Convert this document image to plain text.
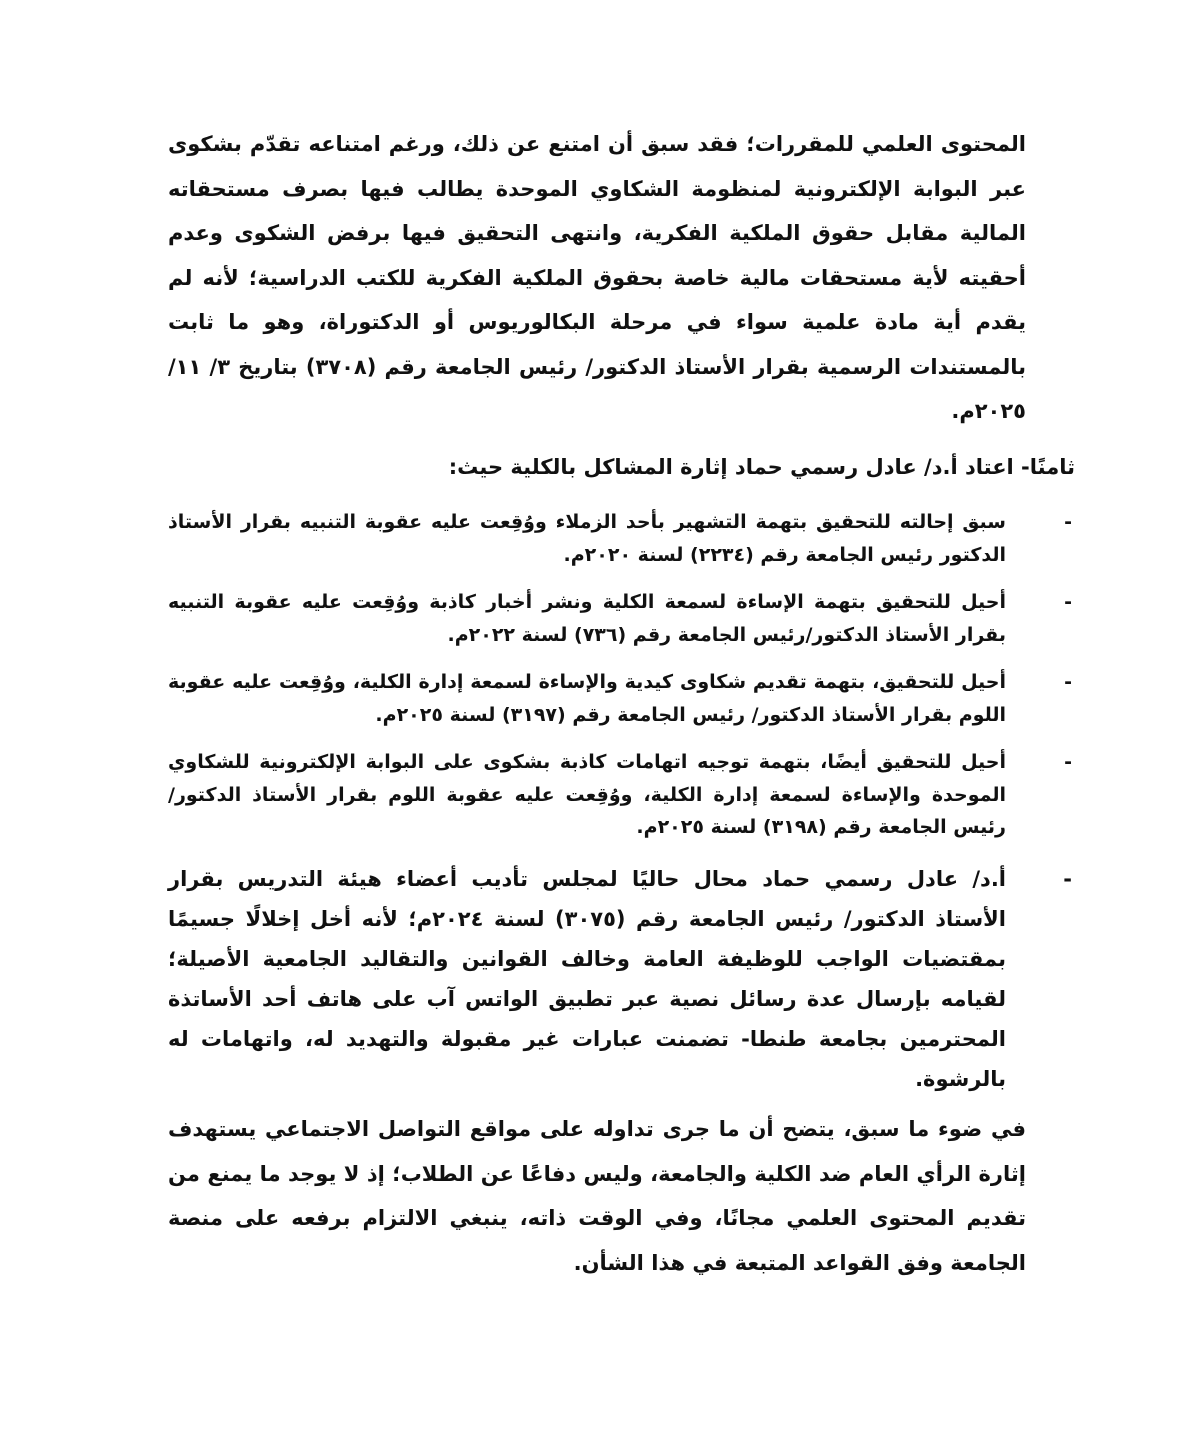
المحتوى العلمي للمقررات؛ فقد سبق أن امتنع عن ذلك، ورغم امتناعه تقدّم بشكوى عبر البوابة الإلكترونية لمنظومة الشكاوي الموحدة يطالب فيها بصرف مستحقاته المالية مقابل حقوق الملكية الفكرية، وانتهى التحقيق فيها برفض الشكوى وعدم أحقيته لأية مستحقات مالية خاصة بحقوق الملكية الفكرية للكتب الدراسية؛ لأنه لم يقدم أية مادة علمية سواء في مرحلة البكالوريوس أو الدكتوراة، وهو ما ثابت بالمستندات الرسمية بقرار الأستاذ الدكتور/ رئيس الجامعة رقم (٣٧٠٨) بتاريخ ٣/ ١١/ ٢٠٢٥م.

ثامنًا- اعتاد أ.د/ عادل رسمي حماد إثارة المشاكل بالكلية حيث:

-
سبق إحالته للتحقيق بتهمة التشهير بأحد الزملاء ووُقِعت عليه عقوبة التنبيه بقرار الأستاذ الدكتور رئيس الجامعة رقم (٢٢٣٤) لسنة ٢٠٢٠م.
-
أحيل للتحقيق بتهمة الإساءة لسمعة الكلية ونشر أخبار كاذبة ووُقِعت عليه عقوبة التنبيه بقرار الأستاذ الدكتور/رئيس الجامعة رقم (٧٣٦) لسنة ٢٠٢٢م.
-
أحيل للتحقيق، بتهمة تقديم شكاوى كيدية والإساءة لسمعة إدارة الكلية، ووُقِعت عليه عقوبة اللوم بقرار الأستاذ الدكتور/ رئيس الجامعة رقم (٣١٩٧) لسنة ٢٠٢٥م.
-
أحيل للتحقيق أيضًا، بتهمة توجيه اتهامات كاذبة بشكوى على البوابة الإلكترونية للشكاوي الموحدة والإساءة لسمعة إدارة الكلية، ووُقِعت عليه عقوبة اللوم بقرار الأستاذ الدكتور/ رئيس الجامعة رقم (٣١٩٨) لسنة ٢٠٢٥م.
-
أ.د/ عادل رسمي حماد محال حاليًا لمجلس تأديب أعضاء هيئة التدريس بقرار الأستاذ الدكتور/ رئيس الجامعة رقم (٣٠٧٥) لسنة ٢٠٢٤م؛ لأنه أخل إخلالًا جسيمًا بمقتضيات الواجب للوظيفة العامة وخالف القوانين والتقاليد الجامعية الأصيلة؛ لقيامه بإرسال عدة رسائل نصية عبر تطبيق الواتس آب على هاتف أحد الأساتذة المحترمين بجامعة طنطا- تضمنت عبارات غير مقبولة والتهديد له، واتهامات له بالرشوة.

في ضوء ما سبق، يتضح أن ما جرى تداوله على مواقع التواصل الاجتماعي يستهدف إثارة الرأي العام ضد الكلية والجامعة، وليس دفاعًا عن الطلاب؛ إذ لا يوجد ما يمنع من تقديم المحتوى العلمي مجانًا، وفي الوقت ذاته، ينبغي الالتزام برفعه على منصة الجامعة وفق القواعد المتبعة في هذا الشأن.
